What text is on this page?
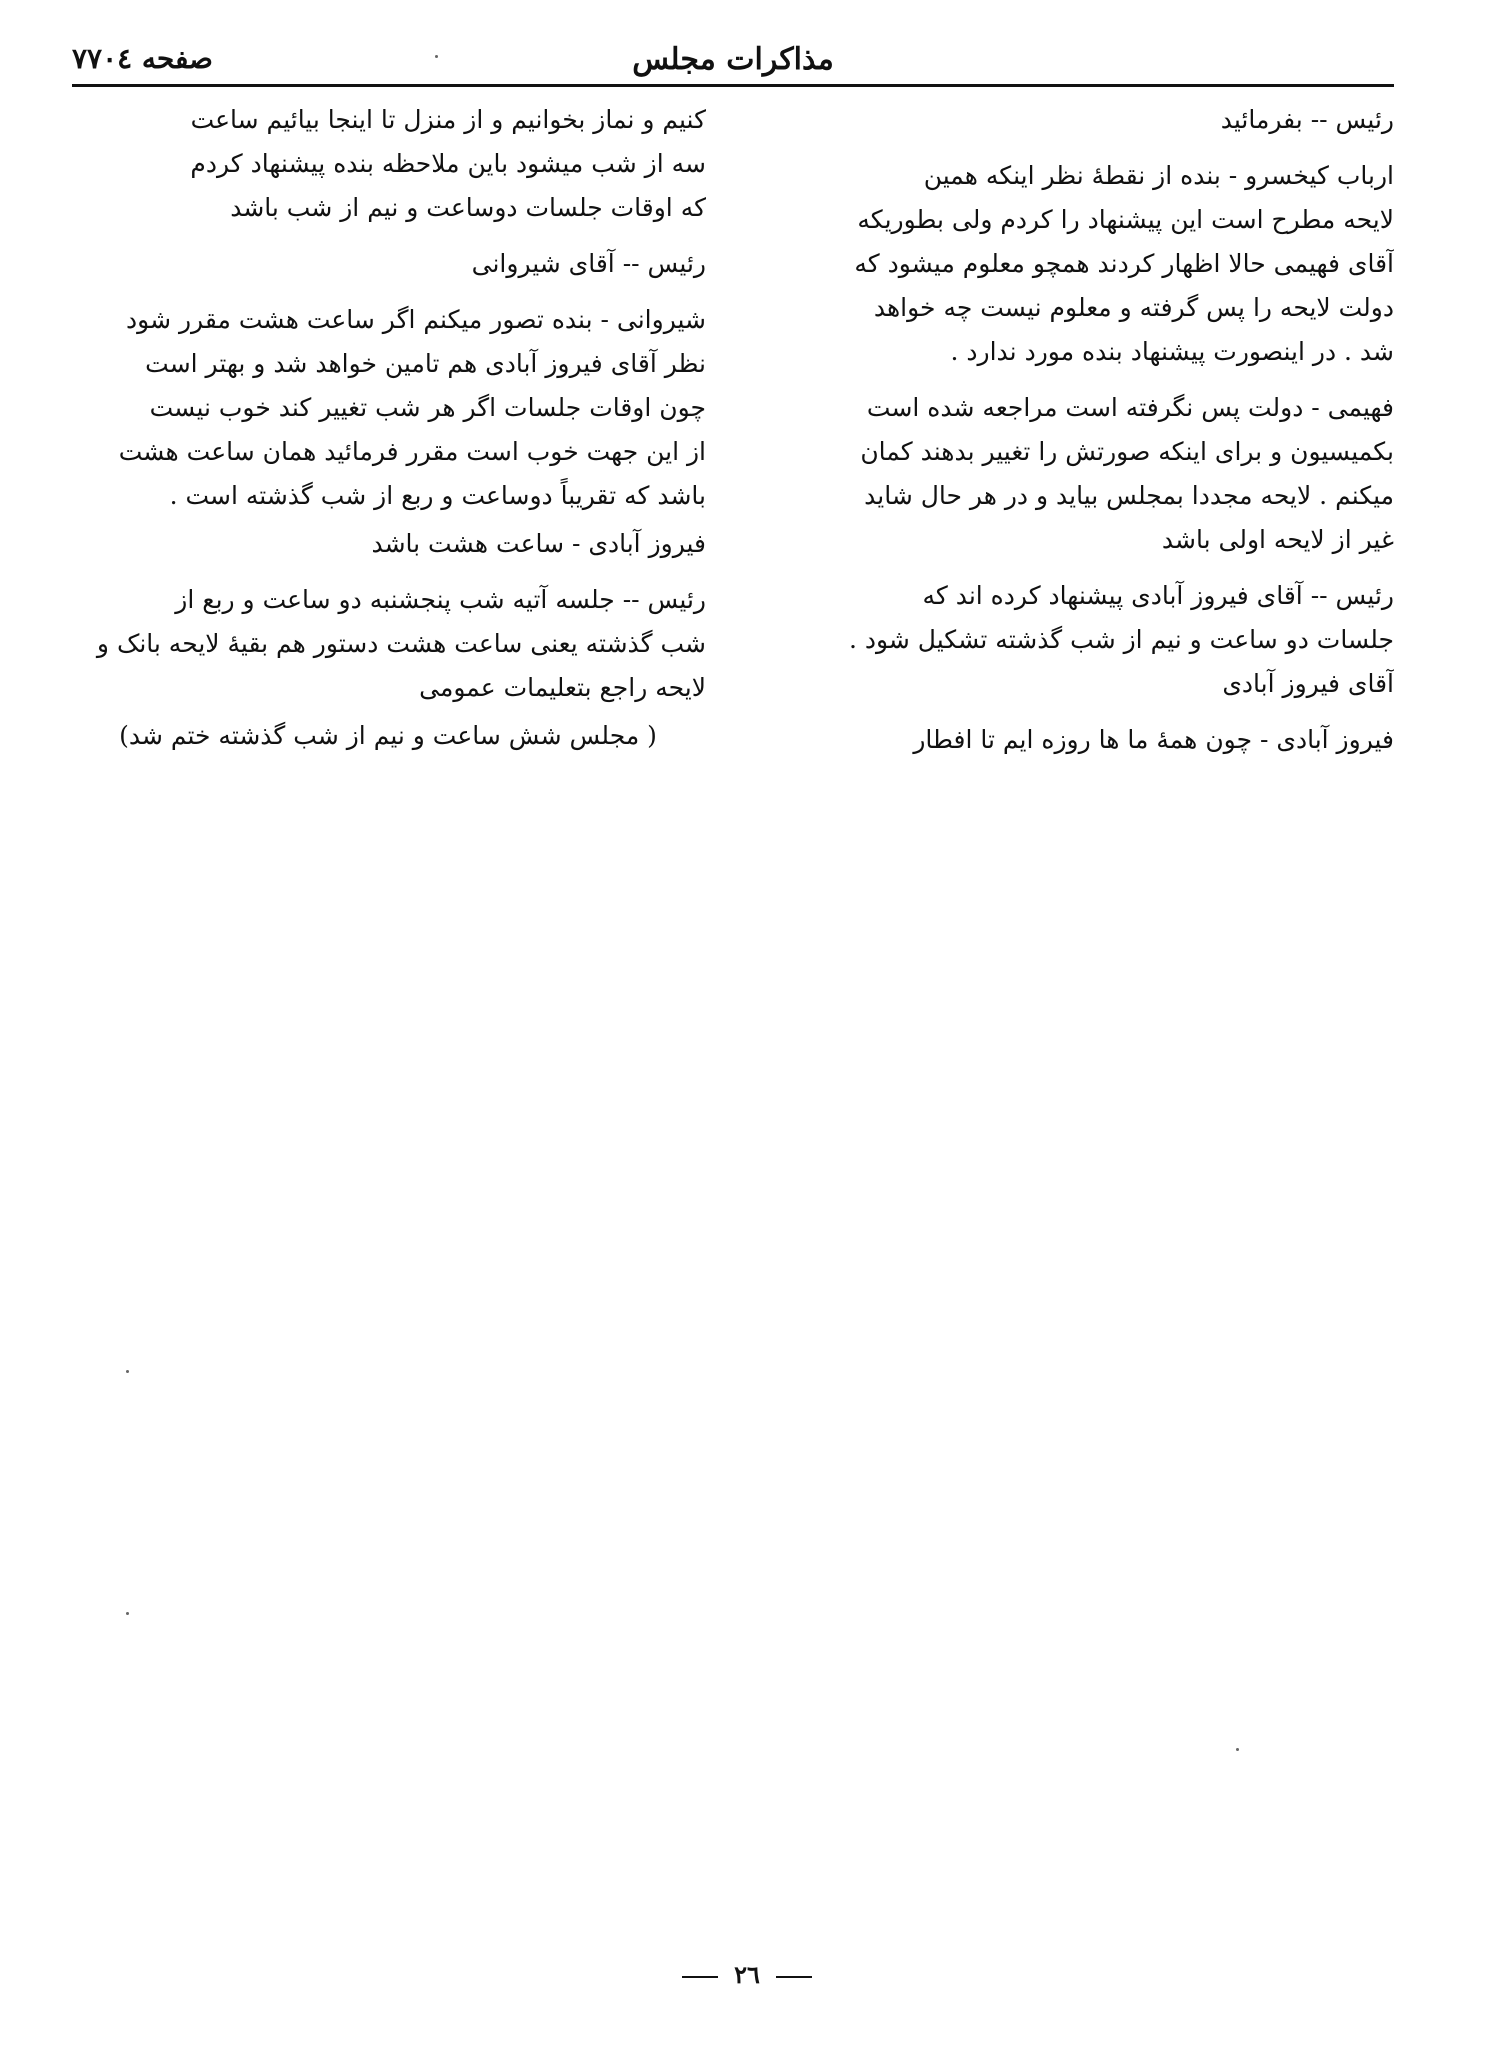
مذاکرات مجلس
صفحه ۷۷۰٤
رئیس -- بفرمائید
ارباب کیخسرو - بنده از نقطهٔ نظر اینکه همین
لایحه مطرح است این پیشنهاد را کردم ولی بطوریکه
آقای فهیمی حالا اظهار کردند همچو معلوم میشود که
دولت لایحه را پس گرفته و معلوم نیست چه خواهد
شد . در اینصورت پیشنهاد بنده مورد ندارد .
فهیمی - دولت پس نگرفته است مراجعه شده است
بکمیسیون و برای اینکه صورتش را تغییر بدهند کمان
میکنم . لایحه مجددا بمجلس بیاید و در هر حال شاید
غیر از لایحه اولی باشد
رئیس -- آقای فیروز آبادی پیشنهاد کرده اند که
جلسات دو ساعت و نیم از شب گذشته تشکیل شود .
آقای فیروز آبادی
فیروز آبادی - چون همهٔ ما ها روزه ایم تا افطار
کنیم و نماز بخوانیم و از منزل تا اینجا بیائیم ساعت
سه از شب میشود باین ملاحظه بنده پیشنهاد کردم
که اوقات جلسات دوساعت و نیم از شب باشد
رئیس -- آقای شیروانی
شیروانی - بنده تصور میکنم اگر ساعت هشت مقرر شود
نظر آقای فیروز آبادی هم تامین خواهد شد و بهتر است
چون اوقات جلسات اگر هر شب تغییر کند خوب نیست
از این جهت خوب است مقرر فرمائید همان ساعت هشت
باشد که تقریباً دوساعت و ربع از شب گذشته است .
فیروز آبادی - ساعت هشت باشد
رئیس -- جلسه آتیه شب پنجشنبه دو ساعت و ربع از
شب گذشته یعنی ساعت هشت دستور هم بقیهٔ لایحه بانک و
لایحه راجع بتعلیمات عمومی
( مجلس شش ساعت و نیم از شب گذشته ختم شد)
۲٦
